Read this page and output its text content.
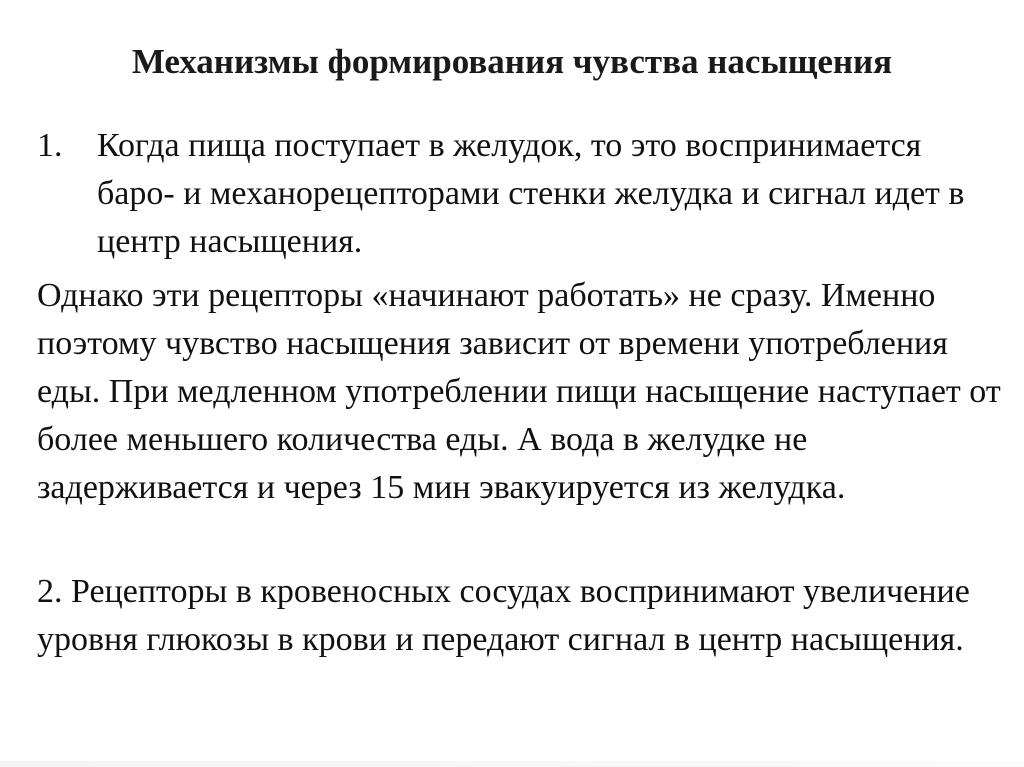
Механизмы формирования чувства насыщения
1. Когда пища поступает в желудок, то это воспринимается баро- и механорецепторами стенки желудка и сигнал идет в центр насыщения.
Однако эти рецепторы «начинают работать» не сразу. Именно поэтому чувство насыщения зависит от времени употребления еды. При медленном употреблении пищи насыщение наступает от более меньшего количества еды. А вода в желудке не задерживается и через 15 мин эвакуируется из желудка.
2. Рецепторы в кровеносных сосудах воспринимают увеличение уровня глюкозы в крови и передают сигнал в центр насыщения.
